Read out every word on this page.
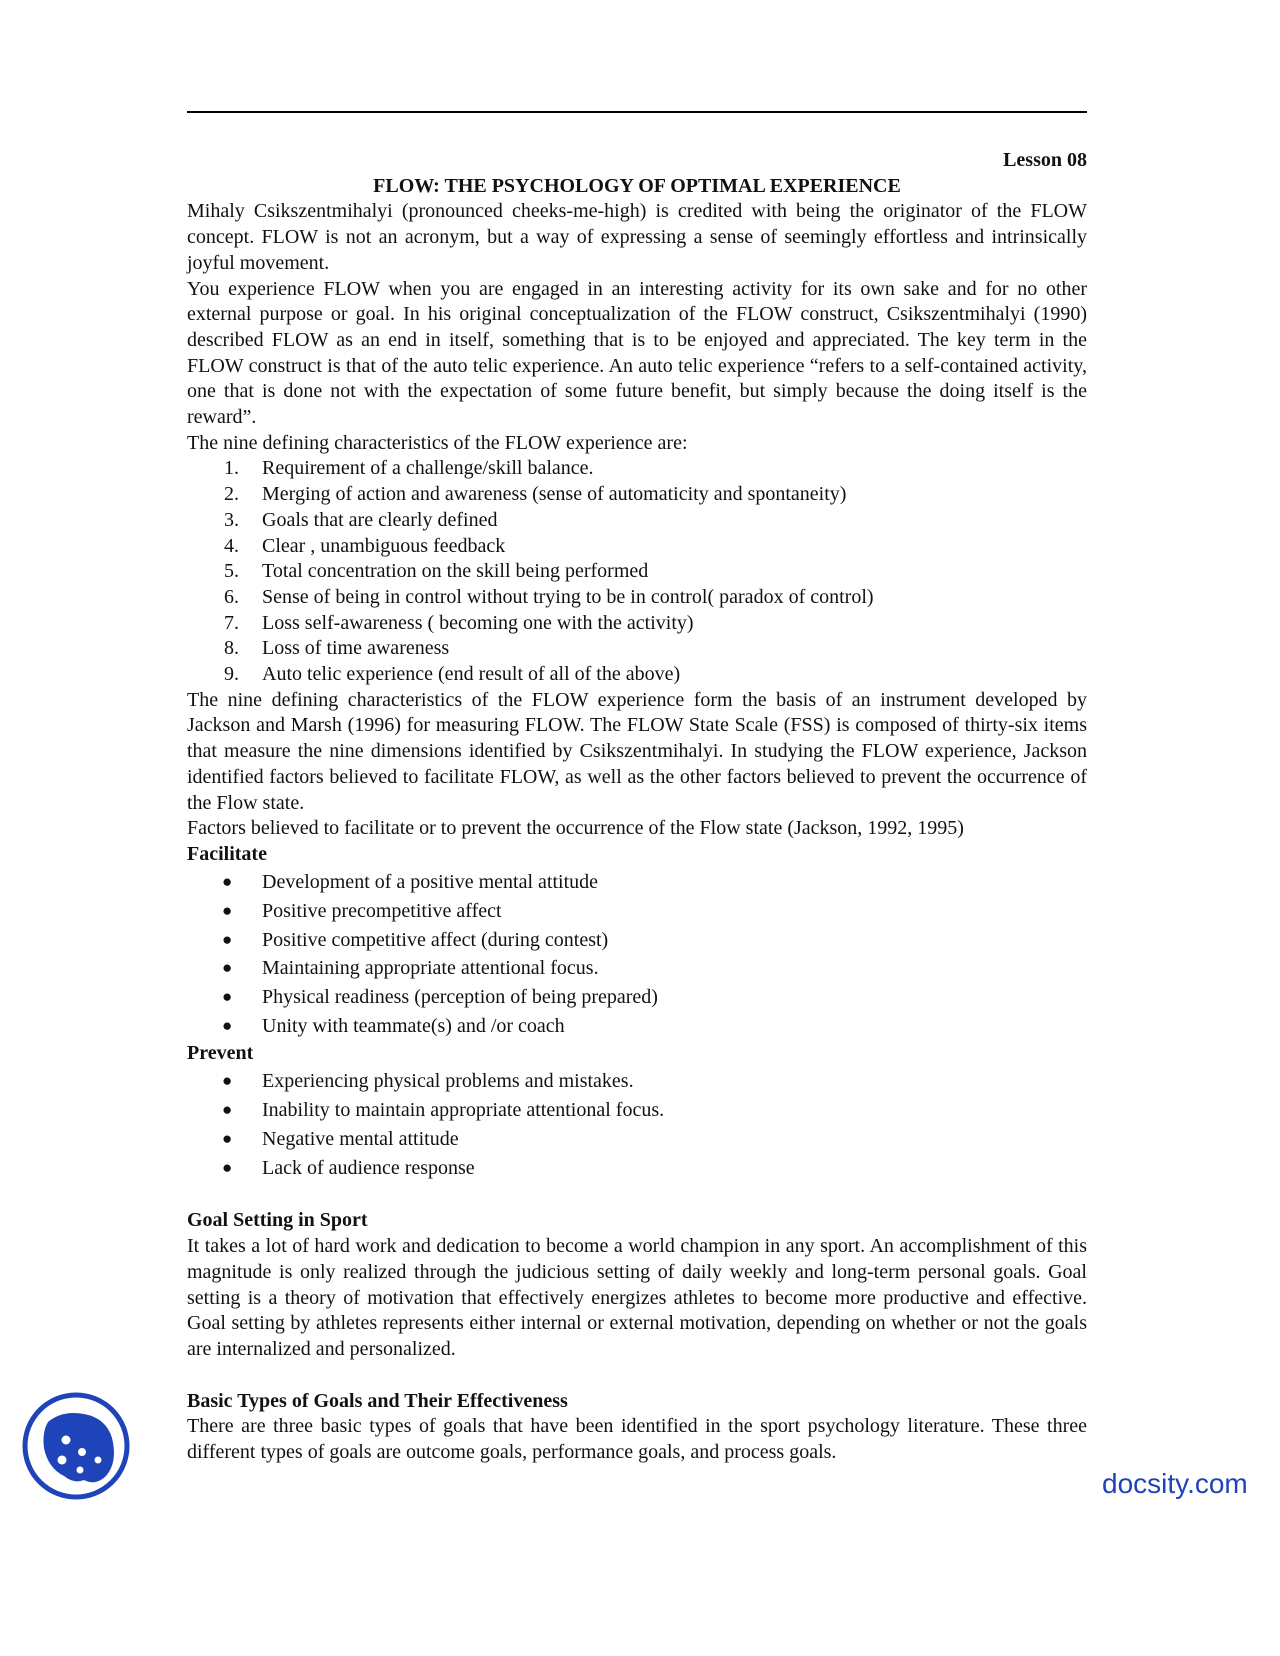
Lesson 08
FLOW: THE PSYCHOLOGY OF OPTIMAL EXPERIENCE

Mihaly Csikszentmihalyi (pronounced cheeks-me-high) is credited with being the originator of the FLOW concept. FLOW is not an acronym, but a way of expressing a sense of seemingly effortless and intrinsically joyful movement.

You experience FLOW when you are engaged in an interesting activity for its own sake and for no other external purpose or goal. In his original conceptualization of the FLOW construct, Csikszentmihalyi (1990) described FLOW as an end in itself, something that is to be enjoyed and appreciated. The key term in the FLOW construct is that of the auto telic experience. An auto telic experience “refers to a self-contained activity, one that is done not with the expectation of some future benefit, but simply because the doing itself is the reward”.

The nine defining characteristics of the FLOW experience are:

1. Requirement of a challenge/skill balance.
2. Merging of action and awareness (sense of automaticity and spontaneity)
3. Goals that are clearly defined
4. Clear , unambiguous feedback
5. Total concentration on the skill being performed
6. Sense of being in control without trying to be in control( paradox of control)
7. Loss self-awareness ( becoming one with the activity)
8. Loss of time awareness
9. Auto telic experience (end result of all of the above)

The nine defining characteristics of the FLOW experience form the basis of an instrument developed by Jackson and Marsh (1996) for measuring FLOW. The FLOW State Scale (FSS) is composed of thirty-six items that measure the nine dimensions identified by Csikszentmihalyi. In studying the FLOW experience, Jackson identified factors believed to facilitate FLOW, as well as the other factors believed to prevent the occurrence of the Flow state.

Factors believed to facilitate or to prevent the occurrence of the Flow state (Jackson, 1992, 1995)

Facilitate
● Development of a positive mental attitude
● Positive precompetitive affect
● Positive competitive affect (during contest)
● Maintaining appropriate attentional focus.
● Physical readiness (perception of being prepared)
● Unity with teammate(s) and /or coach
Prevent
● Experiencing physical problems and mistakes.
● Inability to maintain appropriate attentional focus.
● Negative mental attitude
● Lack of audience response
Goal Setting in Sport

It takes a lot of hard work and dedication to become a world champion in any sport. An accomplishment of this magnitude is only realized through the judicious setting of daily weekly and long-term personal goals. Goal setting is a theory of motivation that effectively energizes athletes to become more productive and effective. Goal setting by athletes represents either internal or external motivation, depending on whether or not the goals are internalized and personalized.

Basic Types of Goals and Their Effectiveness

There are three basic types of goals that have been identified in the sport psychology literature. These three different types of goals are outcome goals, performance goals, and process goals.

docsity.com
